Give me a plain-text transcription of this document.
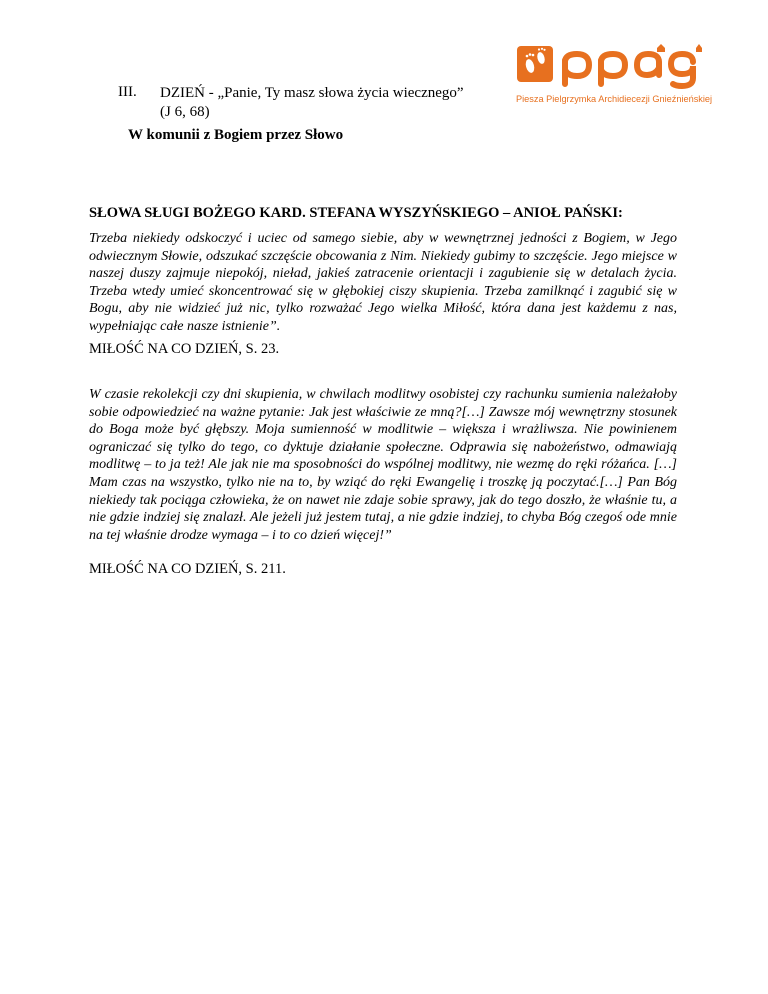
III. DZIEŃ - „Panie, Ty masz słowa życia wiecznego”
(J 6, 68)
W komunii z Bogiem przez Słowo
Piesza Pielgrzymka Archidiecezji Gnieźnieńskiej
SŁOWA SŁUGI BOŻEGO KARD. STEFANA WYSZYŃSKIEGO – ANIOŁ PAŃSKI:

Trzeba niekiedy odskoczyć i uciec od samego siebie, aby w wewnętrznej jedności z Bogiem, w Jego odwiecznym Słowie, odszukać szczęście obcowania z Nim. Niekiedy gubimy to szczęście. Jego miejsce w naszej duszy zajmuje niepokój, nieład, jakieś zatracenie orientacji i zagubienie się w detalach życia. Trzeba wtedy umieć skoncentrować się w głębokiej ciszy skupienia. Trzeba zamilknąć i zagubić się w Bogu, aby nie widzieć już nic, tylko rozważać Jego wielka Miłość, która dana jest każdemu z nas, wypełniając całe nasze istnienie”.

MIŁOŚĆ NA CO DZIEŃ, S. 23.

W czasie rekolekcji czy dni skupienia, w chwilach modlitwy osobistej czy rachunku sumienia należałoby sobie odpowiedzieć na ważne pytanie: Jak jest właściwie ze mną?[…] Zawsze mój wewnętrzny stosunek do Boga może być głębszy. Moja sumienność w modlitwie – większa i wrażliwsza. Nie powinienem ograniczać się tylko do tego, co dyktuje działanie społeczne. Odprawia się nabożeństwo, odmawiają modlitwę – to ja też! Ale jak nie ma sposobności do wspólnej modlitwy, nie wezmę do ręki różańca. […] Mam czas na wszystko, tylko nie na to, by wziąć do ręki Ewangelię i troszkę ją poczytać.[…] Pan Bóg niekiedy tak pociąga człowieka, że on nawet nie zdaje sobie sprawy, jak do tego doszło, że właśnie tu, a nie gdzie indziej się znalazł. Ale jeżeli już jestem tutaj, a nie gdzie indziej, to chyba Bóg czegoś ode mnie na tej właśnie drodze wymaga – i to co dzień więcej!”

MIŁOŚĆ NA CO DZIEŃ, S. 211.
